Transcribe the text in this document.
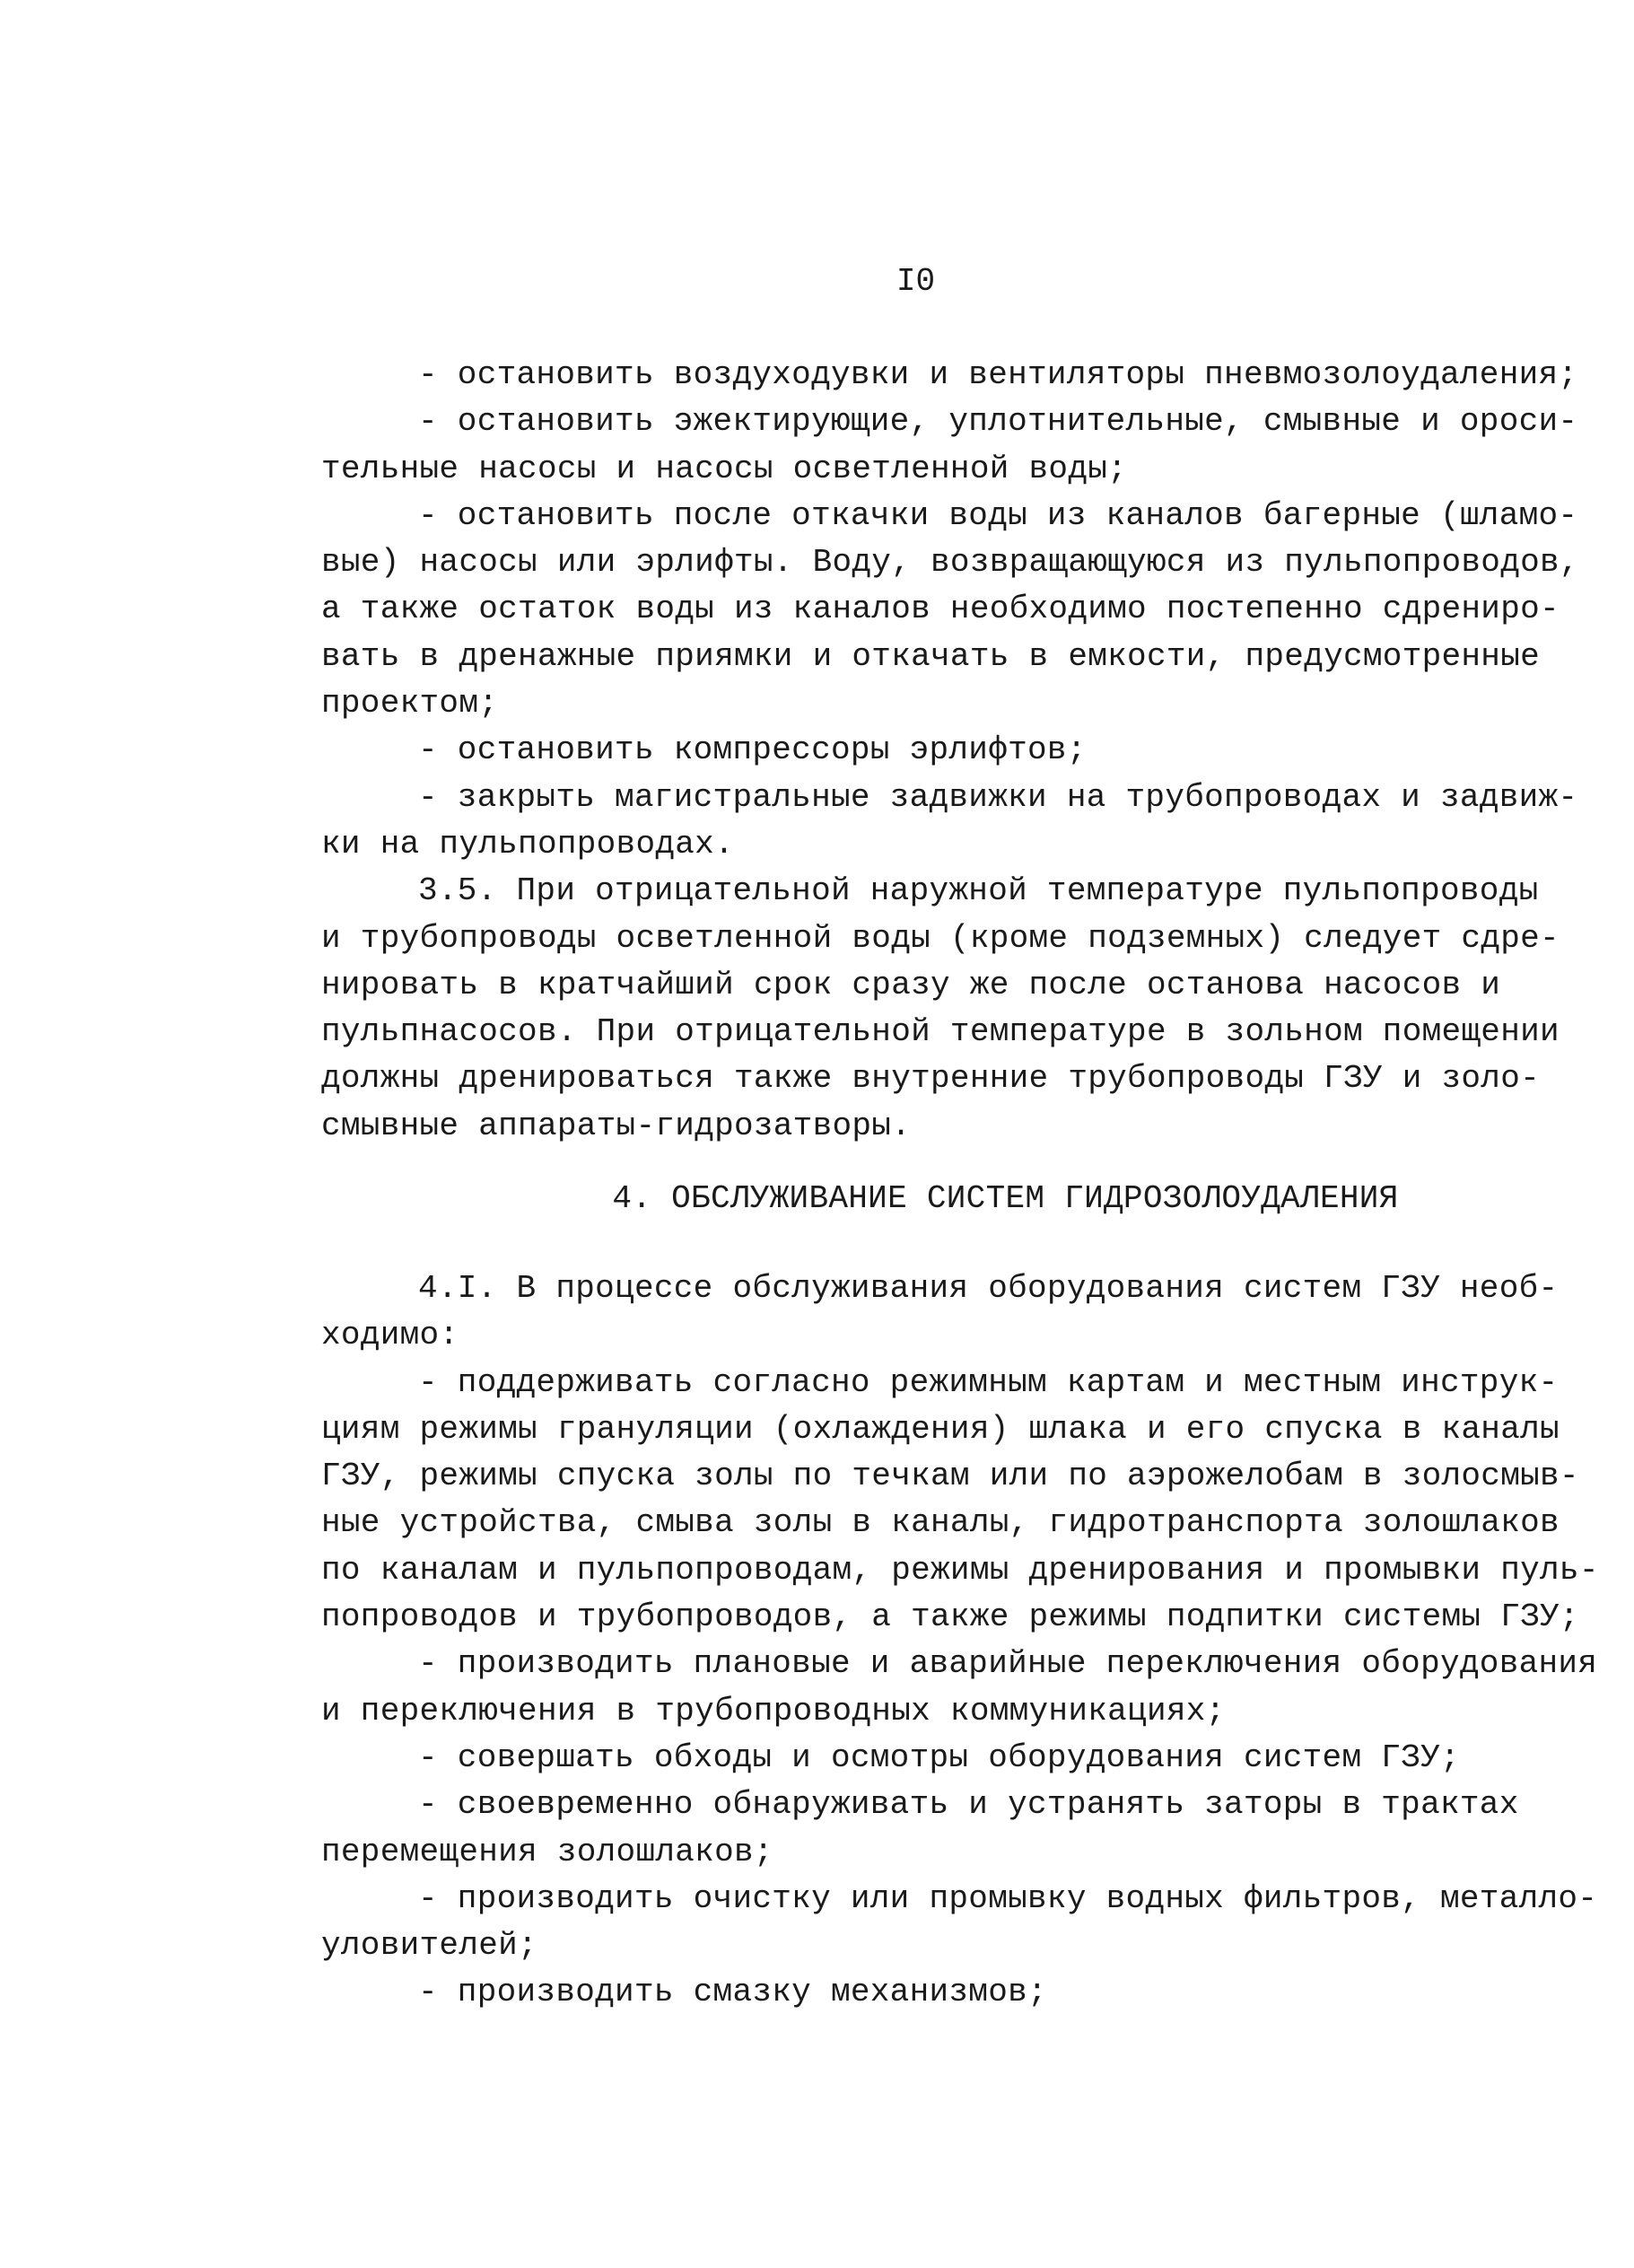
I0
- остановить воздуходувки и вентиляторы пневмозолоудаления;
- остановить эжектирующие, уплотнительные, смывные и ороси-
тельные насосы и насосы осветленной воды;
- остановить после откачки воды из каналов багерные (шламо-
вые) насосы или эрлифты. Воду, возвращающуюся из пульпопроводов,
а также остаток воды из каналов необходимо постепенно сдрениро-
вать в дренажные приямки и откачать в емкости, предусмотренные
проектом;
- остановить компрессоры эрлифтов;
- закрыть магистральные задвижки на трубопроводах и задвиж-
ки на пульпопроводах.
3.5. При отрицательной наружной температуре пульпопроводы
и трубопроводы осветленной воды (кроме подземных) следует сдре-
нировать в кратчайший срок сразу же после останова насосов и
пульпнасосов. При отрицательной температуре в зольном помещении
должны дренироваться также внутренние трубопроводы ГЗУ и золо-
смывные аппараты-гидрозатворы.
4. ОБСЛУЖИВАНИЕ СИСТЕМ ГИДРОЗОЛОУДАЛЕНИЯ
4.I. В процессе обслуживания оборудования систем ГЗУ необ-
ходимо:
- поддерживать согласно режимным картам и местным инструк-
циям режимы грануляции (охлаждения) шлака и его спуска в каналы
ГЗУ, режимы спуска золы по течкам или по аэрожелобам в золосмыв-
ные устройства, смыва золы в каналы, гидротранспорта золошлаков
по каналам и пульпопроводам, режимы дренирования и промывки пуль-
попроводов и трубопроводов, а также режимы подпитки системы ГЗУ;
- производить плановые и аварийные переключения оборудования
и переключения в трубопроводных коммуникациях;
- совершать обходы и осмотры оборудования систем ГЗУ;
- своевременно обнаруживать и устранять заторы в трактах
перемещения золошлаков;
- производить очистку или промывку водных фильтров, металло-
уловителей;
- производить смазку механизмов;
